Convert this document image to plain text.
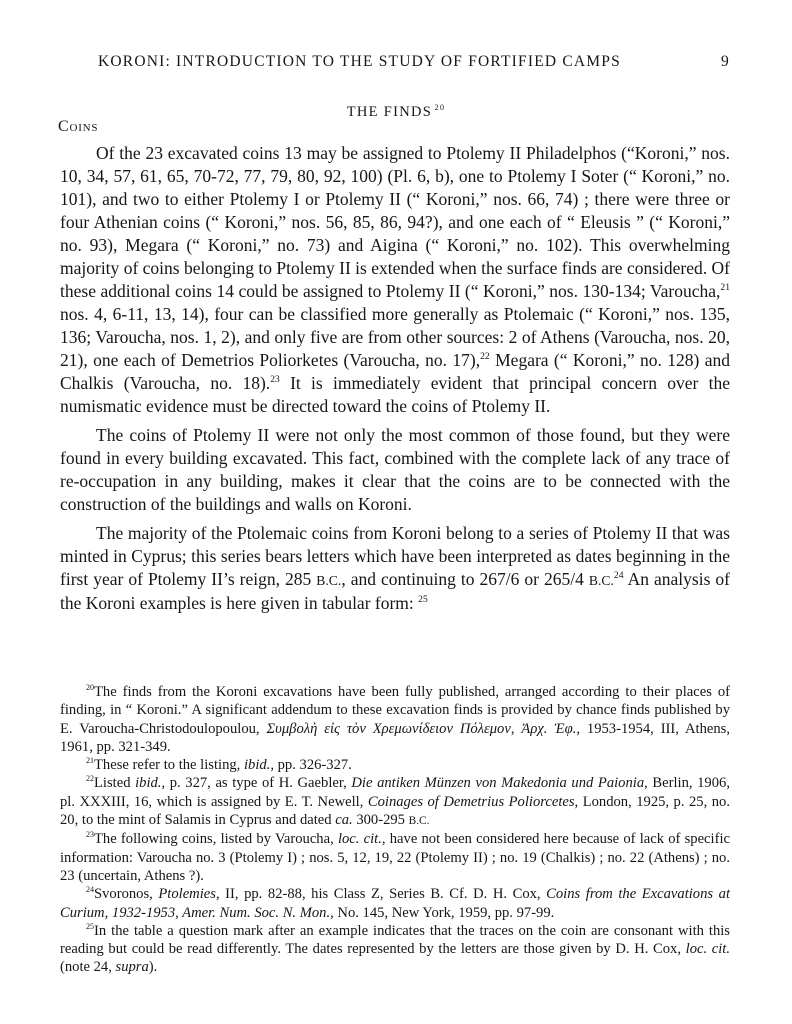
KORONI: INTRODUCTION TO THE STUDY OF FORTIFIED CAMPS	9
THE FINDS  $^{20}$
Coins

Of the 23 excavated coins 13 may be assigned to Ptolemy II Philadelphos (“Koroni,” nos. 10, 34, 57, 61, 65, 70-72, 77, 79, 80, 92, 100) (Pl. 6, b), one to Ptolemy I Soter (“ Koroni,” no. 101), and two to either Ptolemy I or Ptolemy II (“ Koroni,” nos. 66, 74) ; there were three or four Athenian coins (“ Koroni,” nos. 56, 85, 86, 94?), and one each of “ Eleusis ” (“ Koroni,” no. 93), Megara (“ Koroni,” no. 73) and Aigina (“ Koroni,” no. 102). This overwhelming majority of coins belonging to Ptolemy II is extended when the surface finds are considered. Of these additional coins 14 could be assigned to Ptolemy II (“ Koroni,” nos. 130-134; Varoucha,$^{21}$ nos. 4, 6-11, 13, 14), four can be classified more generally as Ptolemaic (“ Koroni,” nos. 135, 136; Varoucha, nos. 1, 2), and only five are from other sources: 2 of Athens (Varoucha, nos. 20, 21), one each of Demetrios Poliorketes (Varoucha, no. 17),$^{22}$ Megara (“ Koroni,” no. 128) and Chalkis (Varoucha, no. 18).$^{23}$ It is immediately evident that principal concern over the numismatic evidence must be directed toward the coins of Ptolemy II.

The coins of Ptolemy II were not only the most common of those found, but they were found in every building excavated. This fact, combined with the complete lack of any trace of re-occupation in any building, makes it clear that the coins are to be connected with the construction of the buildings and walls on Koroni.

The majority of the Ptolemaic coins from Koroni belong to a series of Ptolemy II that was minted in Cyprus; this series bears letters which have been interpreted as dates beginning in the first year of Ptolemy II’s reign, 285 B.C., and continuing to 267/6 or 265/4 B.C.$^{24}$ An analysis of the Koroni examples is here given in tabular form: $^{25}$

$^{20}$The finds from the Koroni excavations have been fully published, arranged according to their places of finding, in “ Koroni.” A significant addendum to these excavation finds is provided by chance finds published by E. Varoucha-Christodoulopoulou, Συμβολὴ εἰς τὸν Χρεμωνίδειον Πόλεμον, Ἀρχ. Ἐφ., 1953-1954, III, Athens, 1961, pp. 321-349.

$^{21}$These refer to the listing, ibid., pp. 326-327.

$^{22}$Listed ibid., p. 327, as type of H. Gaebler, Die antiken Münzen von Makedonia und Paionia, Berlin, 1906, pl. XXXIII, 16, which is assigned by E. T. Newell, Coinages of Demetrius Poliorcetes, London, 1925, p. 25, no. 20, to the mint of Salamis in Cyprus and dated ca. 300-295 B.C.

$^{23}$The following coins, listed by Varoucha, loc. cit., have not been considered here because of lack of specific information: Varoucha no. 3 (Ptolemy I) ; nos. 5, 12, 19, 22 (Ptolemy II) ; no. 19 (Chalkis) ; no. 22 (Athens) ; no. 23 (uncertain, Athens ?).

$^{24}$Svoronos, Ptolemies, II, pp. 82-88, his Class Z, Series B. Cf. D. H. Cox, Coins from the Excavations at Curium, 1932-1953, Amer. Num. Soc. N. Mon., No. 145, New York, 1959, pp. 97-99.

$^{25}$In the table a question mark after an example indicates that the traces on the coin are consonant with this reading but could be read differently. The dates represented by the letters are those given by D. H. Cox, loc. cit. (note 24, supra).
